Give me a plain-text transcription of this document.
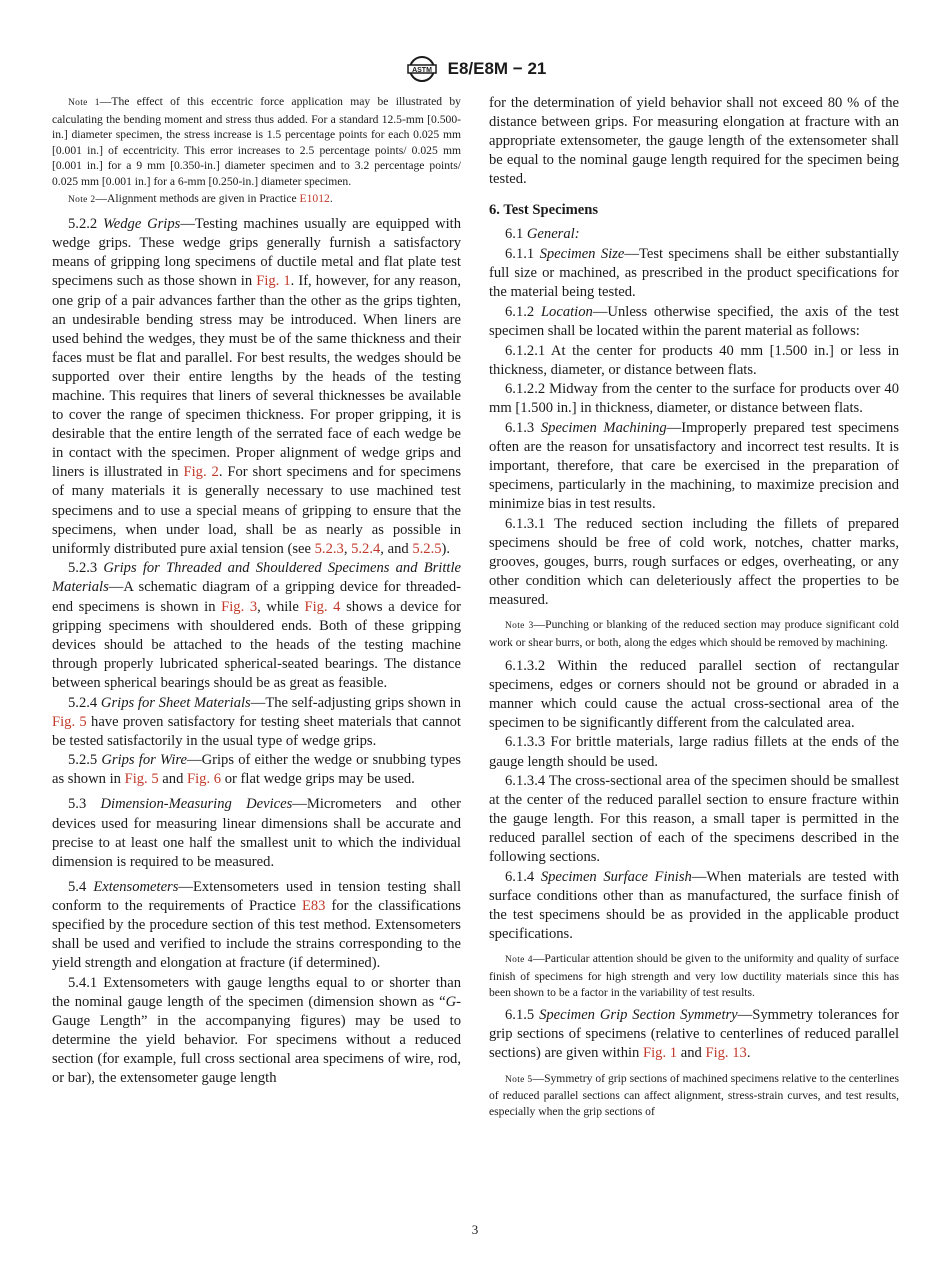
ASTM E8/E8M − 21

Note 1—The effect of this eccentric force application may be illustrated by calculating the bending moment and stress thus added. For a standard 12.5-mm [0.500-in.] diameter specimen, the stress increase is 1.5 percentage points for each 0.025 mm [0.001 in.] of eccentricity. This error increases to 2.5 percentage points/ 0.025 mm [0.001 in.] for a 9 mm [0.350-in.] diameter specimen and to 3.2 percentage points/ 0.025 mm [0.001 in.] for a 6-mm [0.250-in.] diameter specimen.

Note 2—Alignment methods are given in Practice E1012.

5.2.2 Wedge Grips—Testing machines usually are equipped with wedge grips. These wedge grips generally furnish a satisfactory means of gripping long specimens of ductile metal and flat plate test specimens such as those shown in Fig. 1. If, however, for any reason, one grip of a pair advances farther than the other as the grips tighten, an undesirable bending stress may be introduced. When liners are used behind the wedges, they must be of the same thickness and their faces must be flat and parallel. For best results, the wedges should be supported over their entire lengths by the heads of the testing machine. This requires that liners of several thicknesses be available to cover the range of specimen thickness. For proper gripping, it is desirable that the entire length of the serrated face of each wedge be in contact with the specimen. Proper alignment of wedge grips and liners is illustrated in Fig. 2. For short specimens and for specimens of many materials it is generally necessary to use machined test specimens and to use a special means of gripping to ensure that the specimens, when under load, shall be as nearly as possible in uniformly distributed pure axial tension (see 5.2.3, 5.2.4, and 5.2.5).

5.2.3 Grips for Threaded and Shouldered Specimens and Brittle Materials—A schematic diagram of a gripping device for threaded-end specimens is shown in Fig. 3, while Fig. 4 shows a device for gripping specimens with shouldered ends. Both of these gripping devices should be attached to the heads of the testing machine through properly lubricated spherical-seated bearings. The distance between spherical bearings should be as great as feasible.

5.2.4 Grips for Sheet Materials—The self-adjusting grips shown in Fig. 5 have proven satisfactory for testing sheet materials that cannot be tested satisfactorily in the usual type of wedge grips.

5.2.5 Grips for Wire—Grips of either the wedge or snubbing types as shown in Fig. 5 and Fig. 6 or flat wedge grips may be used.

5.3 Dimension-Measuring Devices—Micrometers and other devices used for measuring linear dimensions shall be accurate and precise to at least one half the smallest unit to which the individual dimension is required to be measured.

5.4 Extensometers—Extensometers used in tension testing shall conform to the requirements of Practice E83 for the classifications specified by the procedure section of this test method. Extensometers shall be used and verified to include the strains corresponding to the yield strength and elongation at fracture (if determined).

5.4.1 Extensometers with gauge lengths equal to or shorter than the nominal gauge length of the specimen (dimension shown as “G-Gauge Length” in the accompanying figures) may be used to determine the yield behavior. For specimens without a reduced section (for example, full cross sectional area specimens of wire, rod, or bar), the extensometer gauge length

for the determination of yield behavior shall not exceed 80 % of the distance between grips. For measuring elongation at fracture with an appropriate extensometer, the gauge length of the extensometer shall be equal to the nominal gauge length required for the specimen being tested.

6. Test Specimens

6.1 General:

6.1.1 Specimen Size—Test specimens shall be either substantially full size or machined, as prescribed in the product specifications for the material being tested.

6.1.2 Location—Unless otherwise specified, the axis of the test specimen shall be located within the parent material as follows:

6.1.2.1 At the center for products 40 mm [1.500 in.] or less in thickness, diameter, or distance between flats.

6.1.2.2 Midway from the center to the surface for products over 40 mm [1.500 in.] in thickness, diameter, or distance between flats.

6.1.3 Specimen Machining—Improperly prepared test specimens often are the reason for unsatisfactory and incorrect test results. It is important, therefore, that care be exercised in the preparation of specimens, particularly in the machining, to maximize precision and minimize bias in test results.

6.1.3.1 The reduced section including the fillets of prepared specimens should be free of cold work, notches, chatter marks, grooves, gouges, burrs, rough surfaces or edges, overheating, or any other condition which can deleteriously affect the properties to be measured.

Note 3—Punching or blanking of the reduced section may produce significant cold work or shear burrs, or both, along the edges which should be removed by machining.

6.1.3.2 Within the reduced parallel section of rectangular specimens, edges or corners should not be ground or abraded in a manner which could cause the actual cross-sectional area of the specimen to be significantly different from the calculated area.

6.1.3.3 For brittle materials, large radius fillets at the ends of the gauge length should be used.

6.1.3.4 The cross-sectional area of the specimen should be smallest at the center of the reduced parallel section to ensure fracture within the gauge length. For this reason, a small taper is permitted in the reduced parallel section of each of the specimens described in the following sections.

6.1.4 Specimen Surface Finish—When materials are tested with surface conditions other than as manufactured, the surface finish of the test specimens should be as provided in the applicable product specifications.

Note 4—Particular attention should be given to the uniformity and quality of surface finish of specimens for high strength and very low ductility materials since this has been shown to be a factor in the variability of test results.

6.1.5 Specimen Grip Section Symmetry—Symmetry tolerances for grip sections of specimens (relative to centerlines of reduced parallel sections) are given within Fig. 1 and Fig. 13.

Note 5—Symmetry of grip sections of machined specimens relative to the centerlines of reduced parallel sections can affect alignment, stress-strain curves, and test results, especially when the grip sections of

3
